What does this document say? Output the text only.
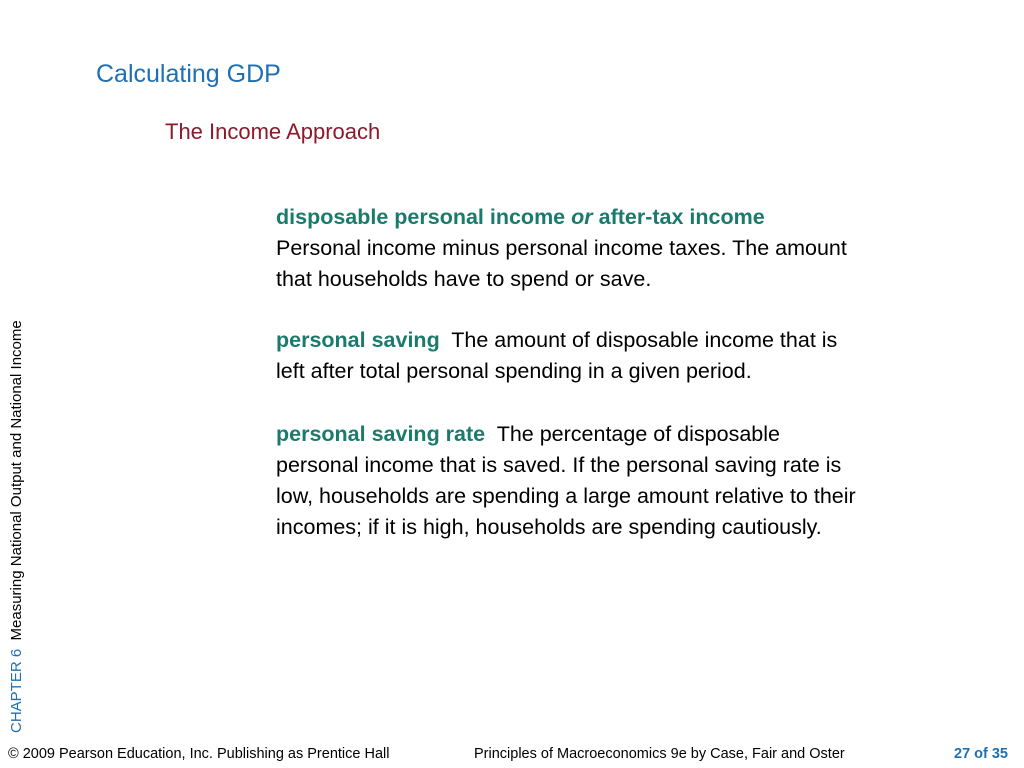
Calculating GDP
The Income Approach

disposable personal income or after-tax income  Personal income minus personal income taxes. The amount that households have to spend or save.

personal saving The amount of disposable income that is left after total personal spending in a given period.

personal saving rate The percentage of disposable personal income that is saved. If the personal saving rate is low, households are spending a large amount relative to their incomes; if it is high, households are spending cautiously.

CHAPTER 6  Measuring National Output and National Income
© 2009 Pearson Education, Inc. Publishing as Prentice Hall	Principles of Macroeconomics 9e by Case, Fair and Oster	27 of 35
